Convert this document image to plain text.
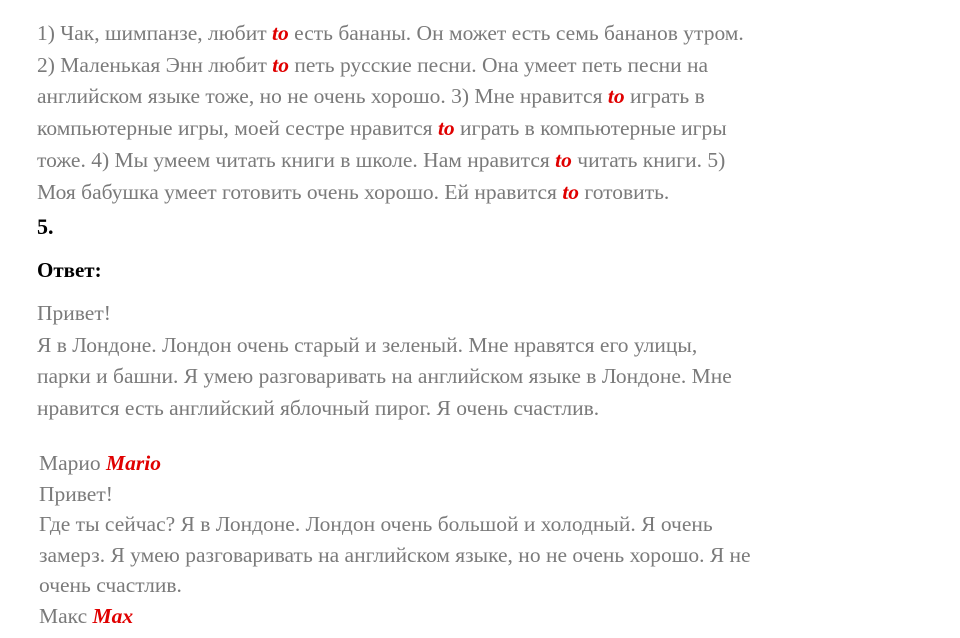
1) Чак, шимпанзе, любит to есть бананы. Он может есть семь бананов утром.
2) Маленькая Энн любит to петь русские песни. Она умеет петь песни на
английском языке тоже, но не очень хорошо. 3) Мне нравится to играть в
компьютерные игры, моей сестре нравится to играть в компьютерные игры
тоже. 4) Мы умеем читать книги в школе. Нам нравится to читать книги. 5)
Моя бабушка умеет готовить очень хорошо. Ей нравится to готовить.
5.
Ответ:
Привет!
Я в Лондоне. Лондон очень старый и зеленый. Мне нравятся его улицы,
парки и башни. Я умею разговаривать на английском языке в Лондоне. Мне
нравится есть английский яблочный пирог. Я очень счастлив.
Марио Mario
Привет!
Где ты сейчас? Я в Лондоне. Лондон очень большой и холодный. Я очень
замерз. Я умею разговаривать на английском языке, но не очень хорошо. Я не
очень счастлив.
Макс Max
